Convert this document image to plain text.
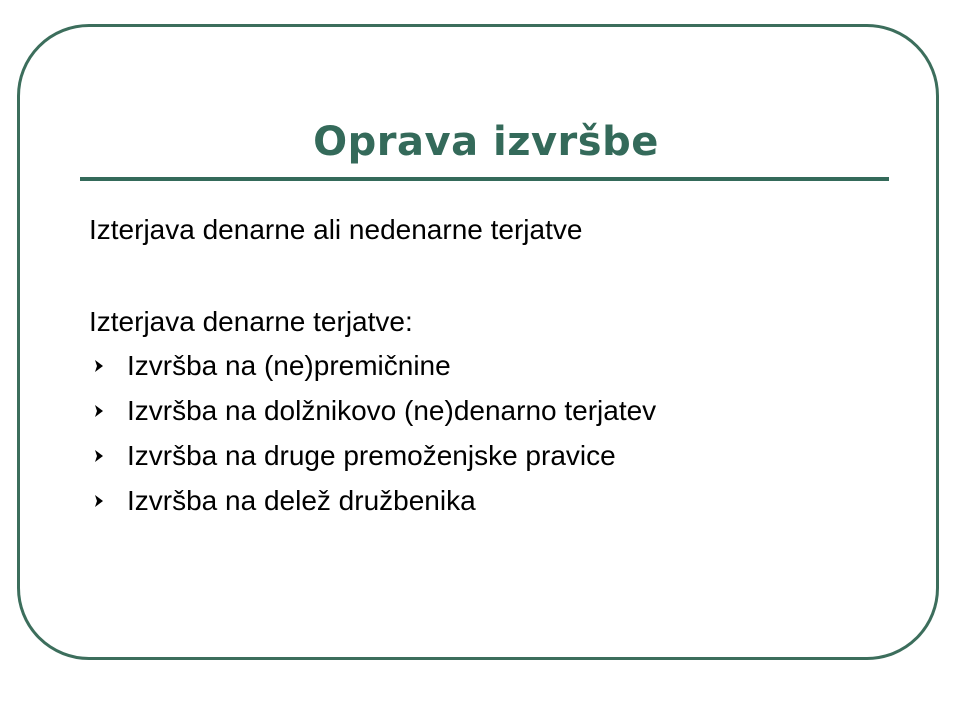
Oprava izvršbe

Izterjava denarne ali nedenarne terjatve

Izterjava denarne terjatve:

Izvršba na (ne)premičnine
Izvršba na dolžnikovo (ne)denarno terjatev
Izvršba na druge premoženjske pravice
Izvršba na delež družbenika
